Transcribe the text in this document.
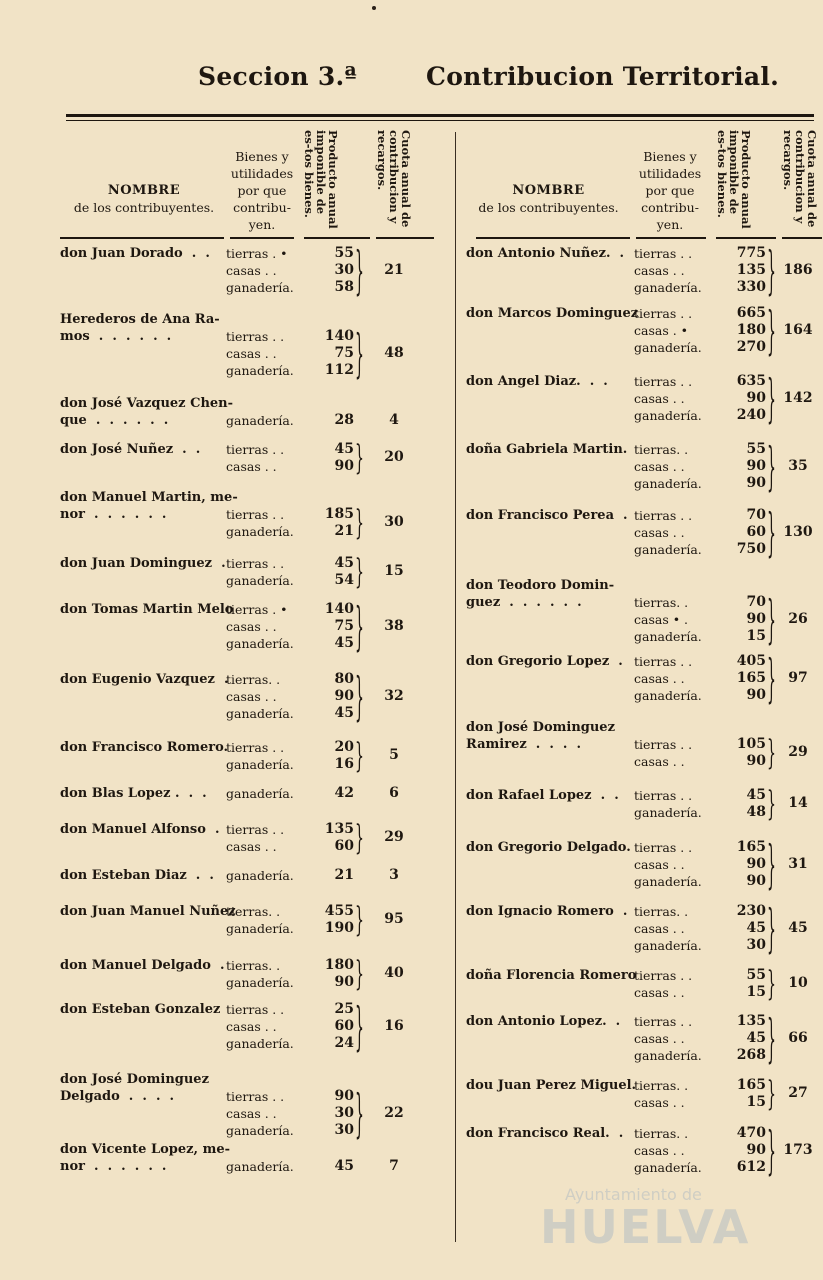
Seccion 3.ª	Contribucion Territorial.
NOMBRE
de los contribuyentes.
Bienes y utilidades por que contribu-yen.	Producto anual imponible de es-tos bienes.	Cuota anual de contribucion y recargos.
don Juan Dorado  .  .	tierras . •	55
casas . .	30
ganadería.	58 }	21
Herederos de Ana Ra-
mos  .  .  .  .  .  .	tierras . .	140
casas . .	75
ganadería.	112 }	48
don José Vazquez Chen-
que  .  .  .  .  .  .	ganadería.	28	4
don José Nuñez  .  .	tierras . .	45
casas . .	90 }	20
don Manuel Martin, me-
nor  .  .  .  .  .  .	tierras . .	185
ganadería.	21 }	30
don Juan Dominguez  . tierras . .	45
ganadería.	54 }	15
don Tomas Martin Melo
tierras . •	140
casas . .	75
ganadería.	45 }	38
don Eugenio Vazquez  .
tierras. .	80
casas . .	90
ganadería.	45 }	32
don Francisco Romero.
tierras . .	20
ganadería.	16 }	5
don Blas Lopez .  .  .	ganadería.	42	6
don Manuel Alfonso  . tierras . .	135
casas . .	60 }	29
don Esteban Diaz  .  . ganadería.	21	3
don Juan Manuel Nuñez
tierras. .	455
ganadería.	190 }	95
don Manuel Delgado  . tierras. .	180
ganadería.	90 }	40
don Esteban Gonzalez tierras . .	25
casas . .	60
ganadería.	24 }	16
don José Dominguez
Delgado  .  .  .  .	tierras . .	90
casas . .	30
ganadería.	30 }	22
don Vicente Lopez, me-
nor  .  .  .  .  .  .	ganadería.	45	7
NOMBRE
de los contribuyentes.
Bienes y utilidades por que contribu-yen.	Producto anual imponible de es-tos bienes.	Cuota anual de contribucion y recargos.
don Antonio Nuñez.  . tierras . .	775
casas . .	135
ganadería.	330 } 186
don Marcos Dominguez
tierras . .	665
casas . •	180
ganadería.	270 } 164
don Angel Diaz.  .  .	tierras . .	635
casas . .	90
ganadería.	240 } 142
doña Gabriela Martin. tierras. .	55
casas . .	90
ganadería.	90 } 35
don Francisco Perea  . tierras . .	70
casas . .	60
ganadería.	750 } 130
don Teodoro Domin-
guez  .  .  .  .  .  .	tierras. .	70
casas • .	90
ganadería.	15 } 26
don Gregorio Lopez  . tierras . .	405
casas . .	165
ganadería.	90 } 97
don José Dominguez
Ramirez  .  .  .  .	tierras . .	105
casas . .	90 } 29
don Rafael Lopez  .  .	tierras . .	45
ganadería.	48 } 14
don Gregorio Delgado. tierras . .	165
casas . .	90
ganadería.	90 } 31
don Ignacio Romero  . tierras. .	230
casas . .	45
ganadería.	30 } 45
doña Florencia Romero
tierras . .	55
casas . .	15 } 10
don Antonio Lopez.  .	tierras . .	135
casas . .	45
ganadería.	268 } 66
dou Juan Perez Miguel.
tierras. .	165
casas . .	15 } 27
don Francisco Real.  . tierras. .	470
casas . .	90
ganadería.	612 } 173
Ayuntamiento de
HUELVA
